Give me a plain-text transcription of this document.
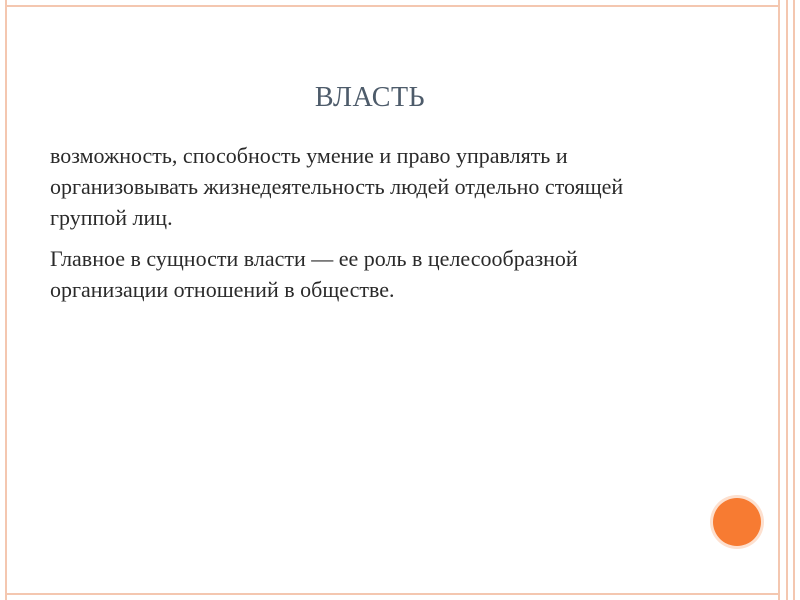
ВЛАСТЬ

возможность, способность умение и право управлять и организовывать жизнедеятельность людей отдельно стоящей группой лиц.

Главное в сущности власти — ее роль в целесообразной организации отношений в обществе.
